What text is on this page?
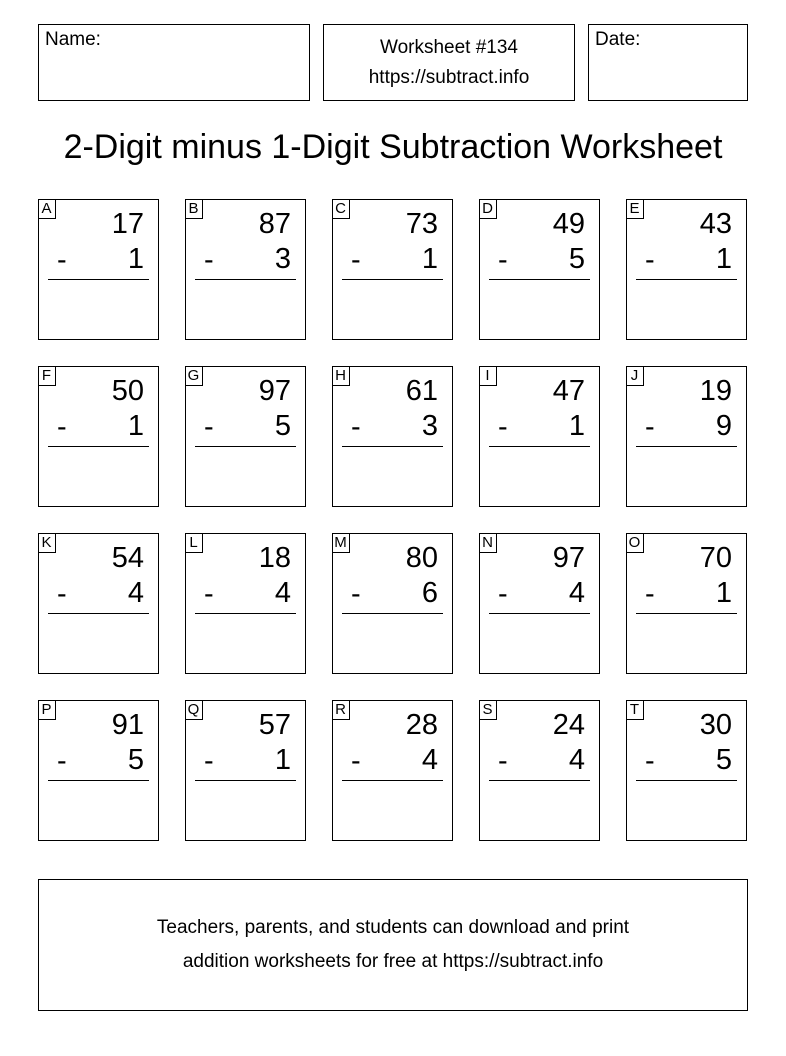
Name:	Worksheet #134
https://subtract.info
Date:
2-Digit minus 1-Digit Subtraction Worksheet
A 17
- 1
B 87
- 3
C 73
- 1
D 49
- 5
E 43
- 1
F 50
- 1
G 97
- 5
H 61
- 3
I 47
- 1
J 19
- 9
K 54
- 4
L 18
- 4
M 80
- 6
N 97
- 4
O 70
- 1
P 91
- 5
Q 57
- 1
R 28
- 4
S 24
- 4
T 30
- 5
Teachers, parents, and students can download and print
addition worksheets for free at https://subtract.info
